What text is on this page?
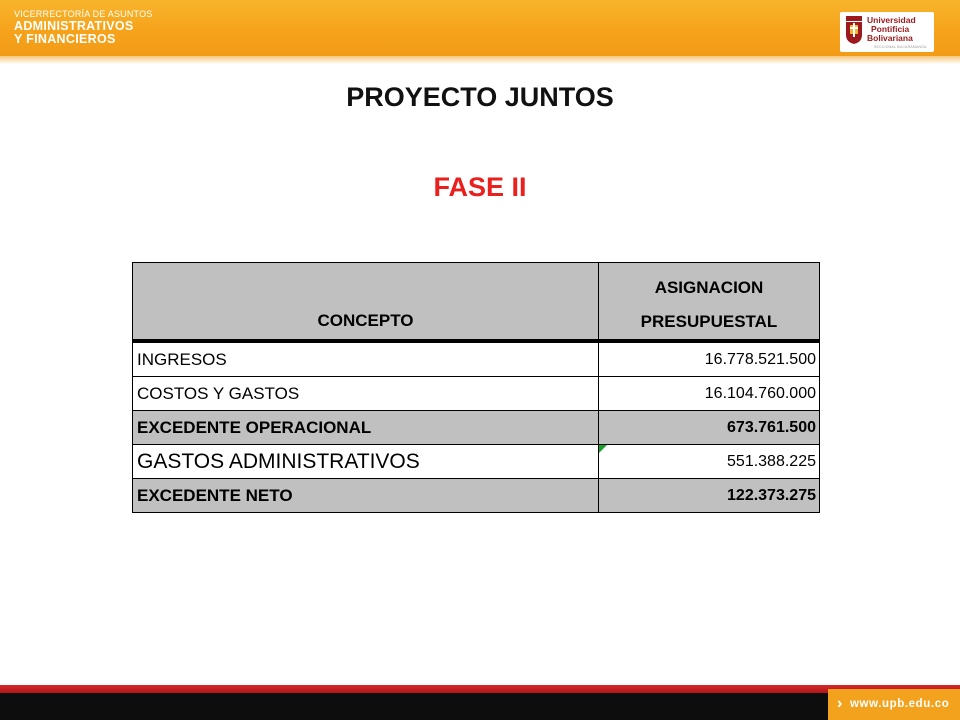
VICERRECTORÍA DE ASUNTOS
ADMINISTRATIVOS
Y FINANCIEROS
Universidad
Pontificia
Bolivariana
SECCIONAL BUCARAMANGA
PROYECTO JUNTOS
FASE II
CONCEPTO	ASIGNACION
PRESUPUESTAL

INGRESOS	16.778.521.500
COSTOS Y GASTOS	16.104.760.000
EXCEDENTE OPERACIONAL	673.761.500
GASTOS ADMINISTRATIVOS	551.388.225
EXCEDENTE NETO	122.373.275
› www.upb.edu.co
